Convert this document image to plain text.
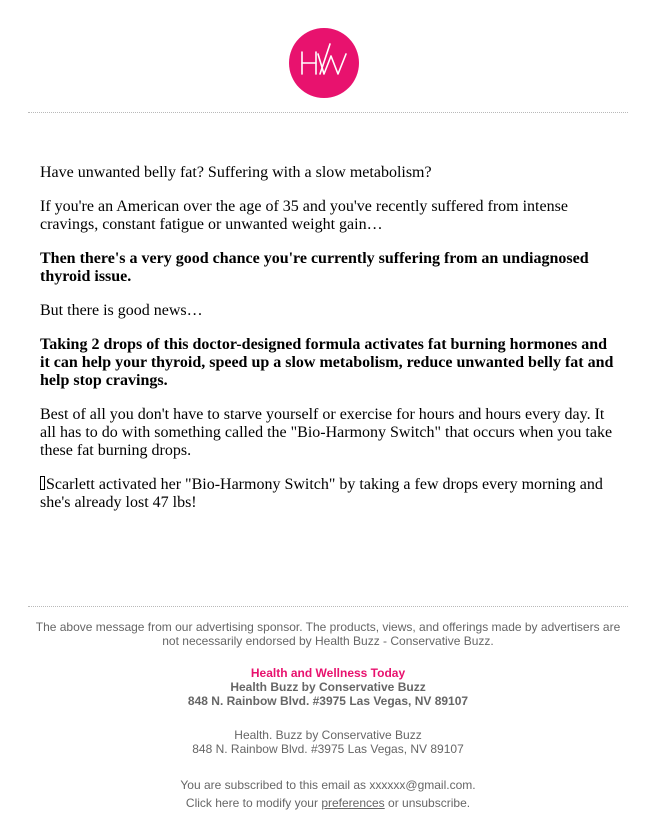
Have unwanted belly fat? Suffering with a slow metabolism?

If you're an American over the age of 35 and you've recently suffered from intense cravings, constant fatigue or unwanted weight gain…

Then there's a very good chance you're currently suffering from an undiagnosed thyroid issue.

But there is good news…

Taking 2 drops of this doctor-designed formula activates fat burning hormones and it can help your thyroid, speed up a slow metabolism, reduce unwanted belly fat and help stop cravings.

Best of all you don't have to starve yourself or exercise for hours and hours every day. It all has to do with something called the "Bio-Harmony Switch" that occurs when you take these fat burning drops.

Scarlett activated her "Bio-Harmony Switch" by taking a few drops every morning and she's already lost 47 lbs!

The above message from our advertising sponsor. The products, views, and offerings made by advertisers are not necessarily endorsed by Health Buzz - Conservative Buzz.
Health and Wellness Today
Health Buzz by Conservative Buzz
848 N. Rainbow Blvd. #3975 Las Vegas, NV 89107
Health. Buzz by Conservative Buzz
848 N. Rainbow Blvd. #3975 Las Vegas, NV 89107
You are subscribed to this email as xxxxxx@gmail.com.
Click here to modify your preferences or unsubscribe.
